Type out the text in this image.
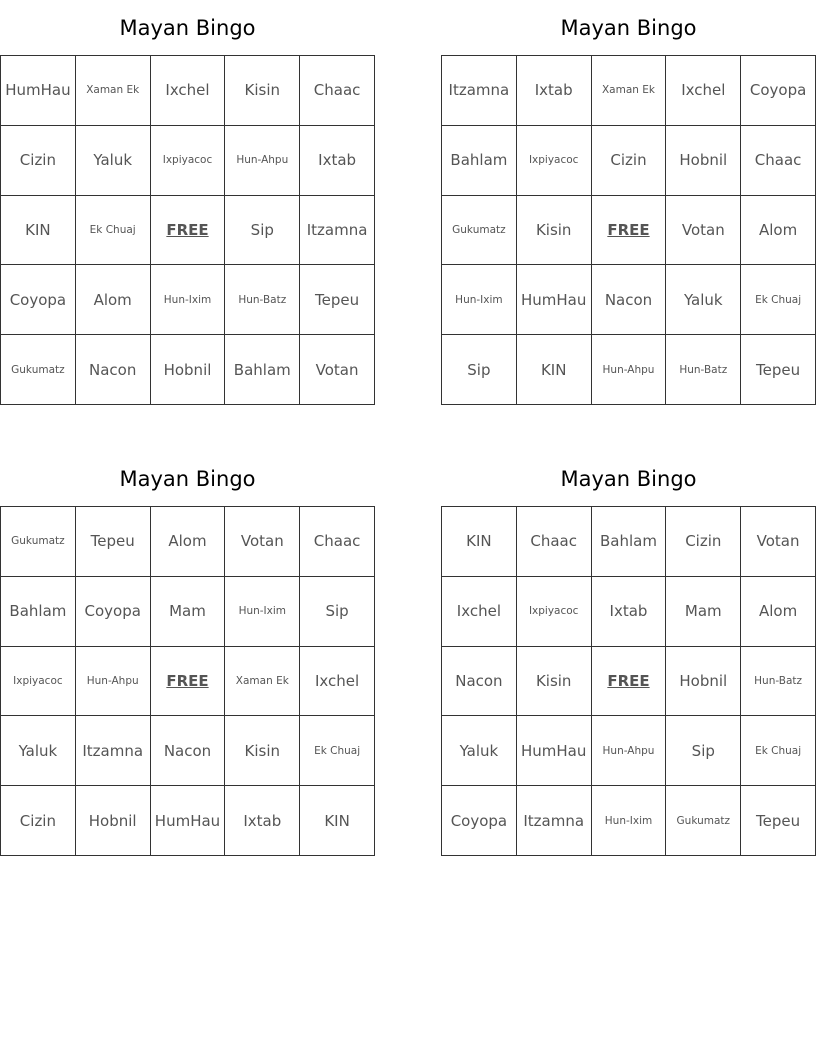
Mayan Bingo
HumHau	Xaman Ek	Ixchel	Kisin	Chaac
Cizin	Yaluk	Ixpiyacoc	Hun-Ahpu	Ixtab
KIN	Ek Chuaj	FREE	Sip	Itzamna
Coyopa	Alom	Hun-Ixim	Hun-Batz	Tepeu
Gukumatz	Nacon	Hobnil	Bahlam	Votan
Mayan Bingo
Itzamna	Ixtab	Xaman Ek	Ixchel	Coyopa
Bahlam	Ixpiyacoc	Cizin	Hobnil	Chaac
Gukumatz	Kisin	FREE	Votan	Alom
Hun-Ixim	HumHau	Nacon	Yaluk	Ek Chuaj
Sip	KIN	Hun-Ahpu	Hun-Batz	Tepeu
Mayan Bingo
Gukumatz	Tepeu	Alom	Votan	Chaac
Bahlam	Coyopa	Mam	Hun-Ixim	Sip
Ixpiyacoc	Hun-Ahpu	FREE	Xaman Ek	Ixchel
Yaluk	Itzamna	Nacon	Kisin	Ek Chuaj
Cizin	Hobnil	HumHau	Ixtab	KIN
Mayan Bingo
KIN	Chaac	Bahlam	Cizin	Votan
Ixchel	Ixpiyacoc	Ixtab	Mam	Alom
Nacon	Kisin	FREE	Hobnil	Hun-Batz
Yaluk	HumHau	Hun-Ahpu	Sip	Ek Chuaj
Coyopa	Itzamna	Hun-Ixim	Gukumatz	Tepeu
